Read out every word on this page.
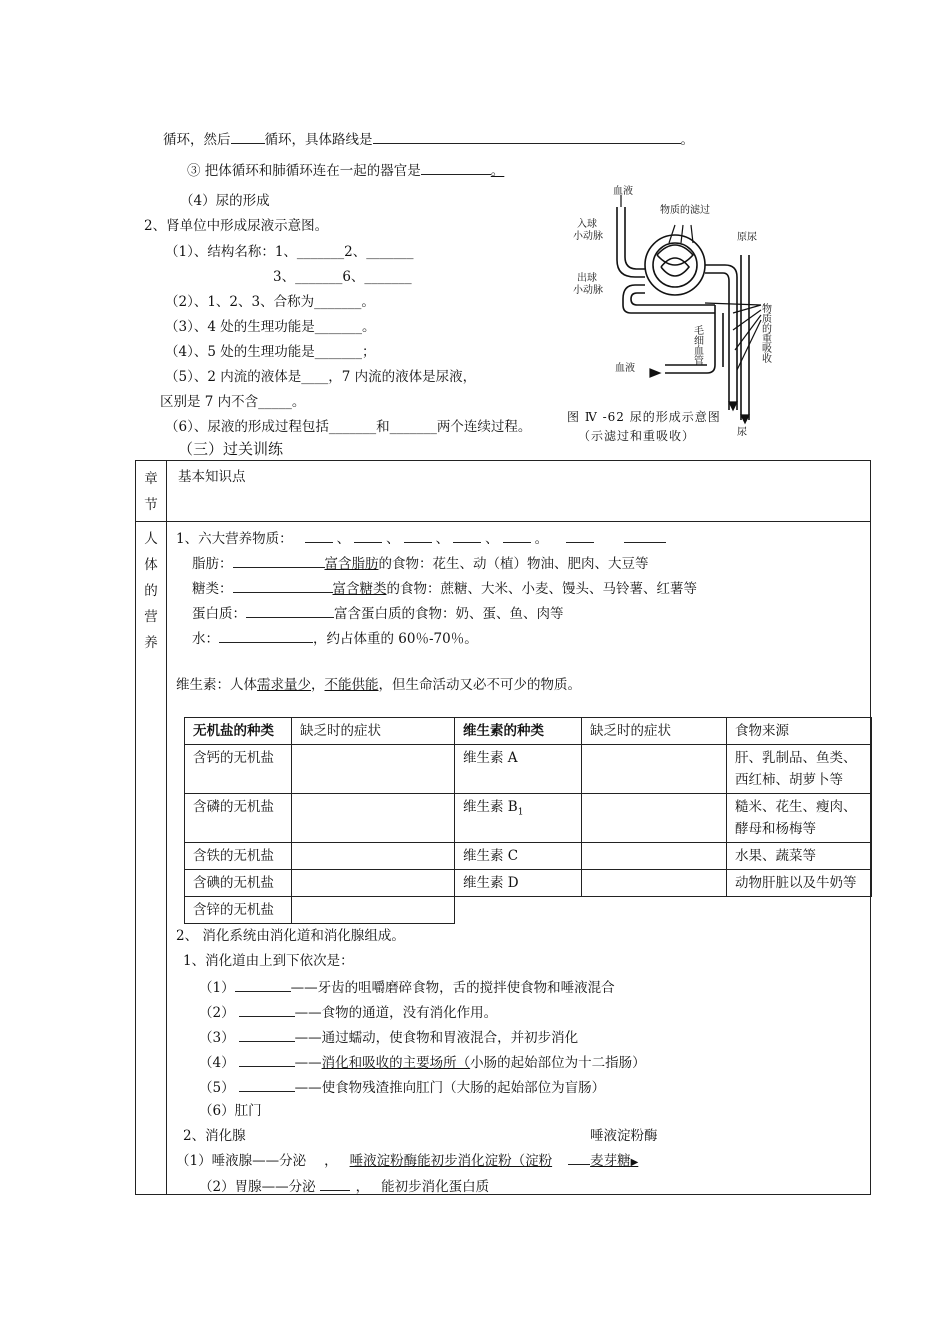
循环，然后	循环，具体路线是	。
③ 把体循环和肺循环连在一起的器官是	。
（4）尿的形成
2、肾单位中形成尿液示意图。
（1）、结构名称：1、_______2、_______
3、_______6、_______
（2）、1、2、3、合称为_______。
（3）、4 处的生理功能是_______。
（4）、5 处的生理功能是_______；
（5）、2 内流的液体是____，7 内流的液体是尿液，
区别是 7 内不含_____。
（6）、尿液的形成过程包括_______和_______两个连续过程。
（三）过关训练
血液
物质的滤过
入球
小动脉	原尿
出球
小动脉
毛细血管	物质的重吸收
血液
尿
图 Ⅳ -62 尿的形成示意图
（示滤过和重吸收）
章节
基本知识点
人体的营养
1、六大营养物质：	、	、	、	、	。
脂肪：	富含脂肪的食物：花生、动（植）物油、肥肉、大豆等
糖类：	富含糖类的食物：蔗糖、大米、小麦、馒头、马铃薯、红薯等
蛋白质：	富含蛋白质的食物：奶、蛋、鱼、肉等
水：	，约占体重的 60％-70％。
维生素：人体需求量少，不能供能，但生命活动又必不可少的物质。
无机盐的种类	缺乏时的症状	维生素的种类	缺乏时的症状	食物来源
含钙的无机盐		维生素 A		肝、乳制品、鱼类、西红柿、胡萝卜等
含磷的无机盐		维生素 $B_1$		糙米、花生、瘦肉、酵母和杨梅等
含铁的无机盐		维生素 C		水果、蔬菜等
含碘的无机盐		维生素 D		动物肝脏以及牛奶等
含锌的无机盐				
2、 消化系统由消化道和消化腺组成。
1、消化道由上到下依次是：
（1）	——牙齿的咀嚼磨碎食物，舌的搅拌使食物和唾液混合
（2）	——食物的通道，没有消化作用。
（3）	——通过蠕动，使食物和胃液混合，并初步消化
（4）	——消化和吸收的主要场所（小肠的起始部位为十二指肠）
（5）	——使食物残渣推向肛门（大肠的起始部位为盲肠）
（6）肛门
2、消化腺	唾液淀粉酶
（1）唾液腺——分泌 ， 唾液淀粉酶能初步消化淀粉（淀粉	麦芽糖▶
（2）胃腺——分泌	， 能初步消化蛋白质
